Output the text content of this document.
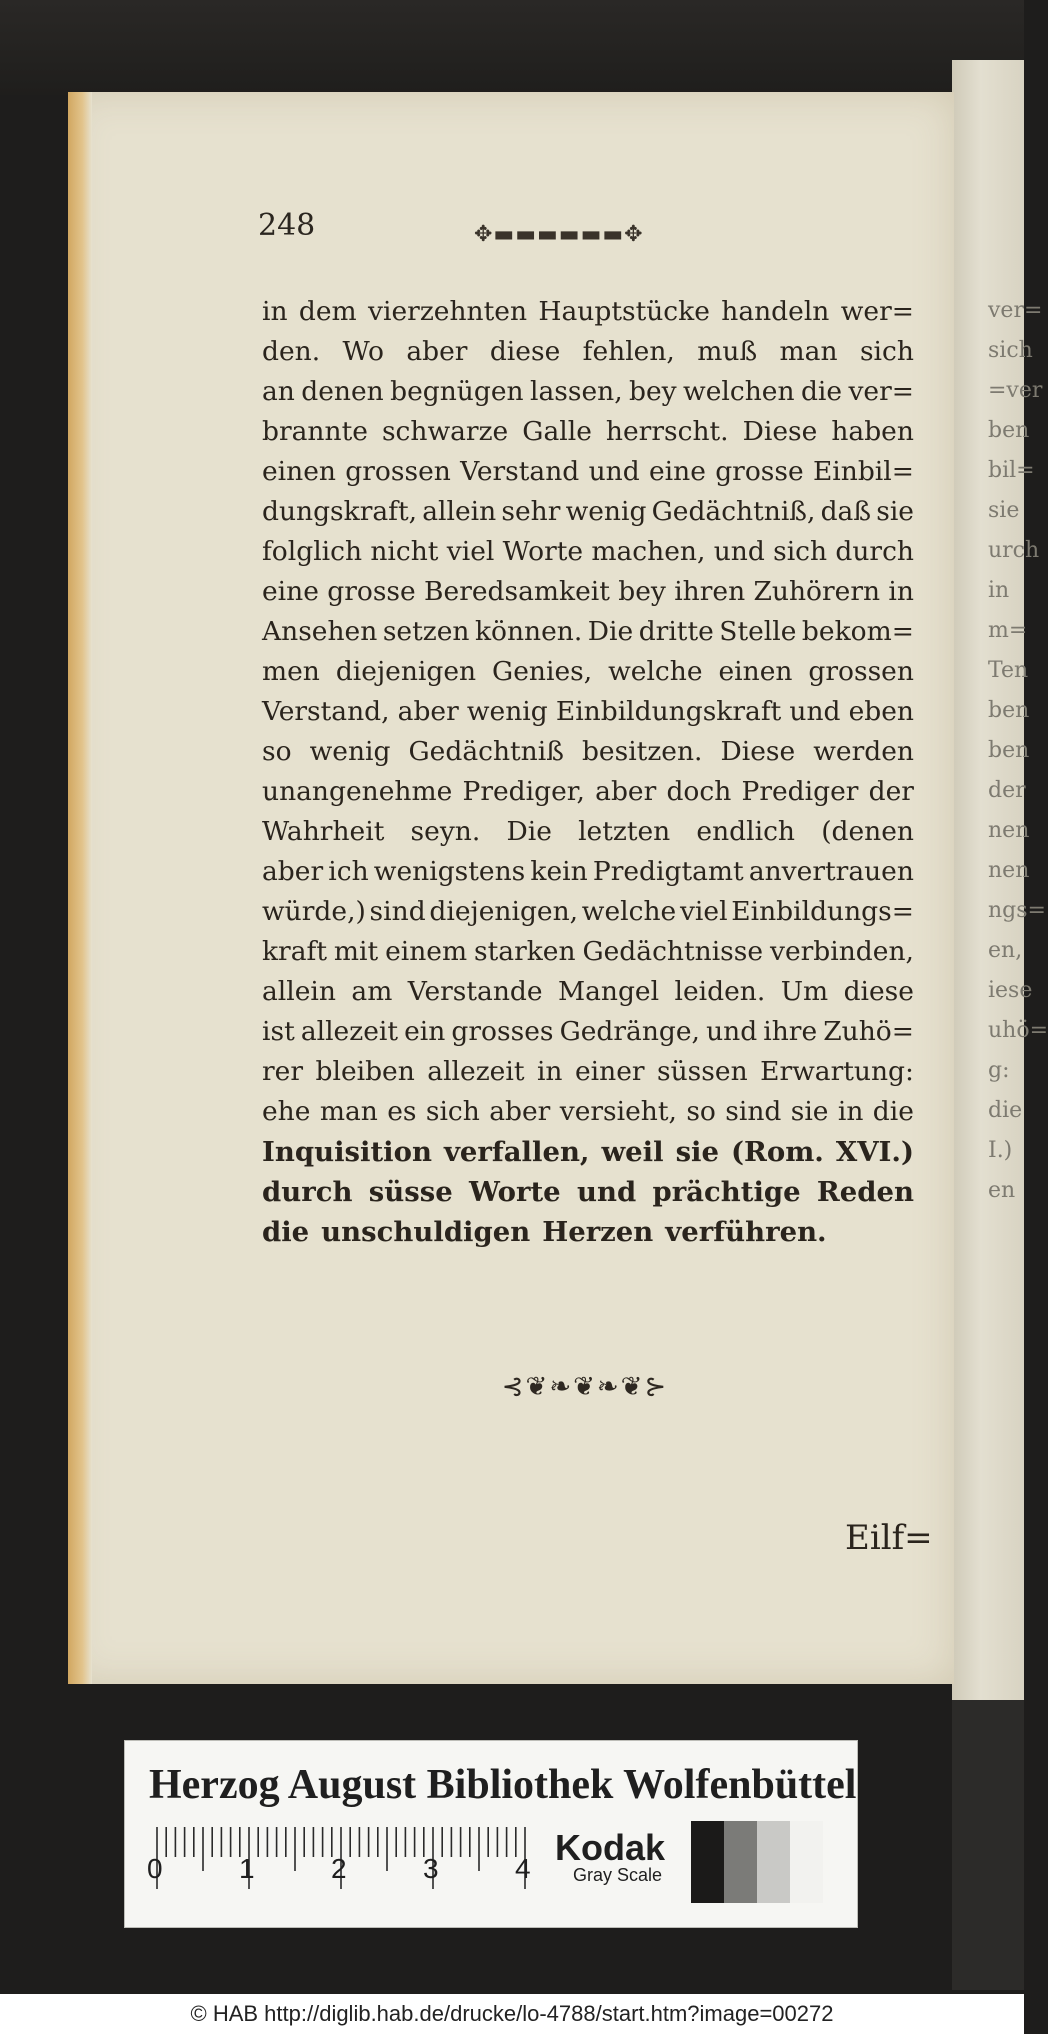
ver=
sich
=ver
ben
bil=
sie
urch
in
m=
Ten
ben
ben
der
nen
nen
ngs=
en,
iese
uhö=
g:
die
I.)
en
248	✥▬▬▬▬▬▬✥
in dem vierzehnten Hauptstücke handeln wer=
den. Wo aber diese fehlen, muß man sich
an denen begnügen lassen, bey welchen die ver=
brannte schwarze Galle herrscht. Diese haben
einen grossen Verstand und eine grosse Einbil=
dungskraft, allein sehr wenig Gedächtniß, daß sie
folglich nicht viel Worte machen, und sich durch
eine grosse Beredsamkeit bey ihren Zuhörern in
Ansehen setzen können. Die dritte Stelle bekom=
men diejenigen Genies, welche einen grossen
Verstand, aber wenig Einbildungskraft und eben
so wenig Gedächtniß besitzen. Diese werden
unangenehme Prediger, aber doch Prediger der
Wahrheit seyn. Die letzten endlich (denen
aber ich wenigstens kein Predigtamt anvertrauen
würde,) sind diejenigen, welche viel Einbildungs=
kraft mit einem starken Gedächtnisse verbinden,
allein am Verstande Mangel leiden. Um diese
ist allezeit ein grosses Gedränge, und ihre Zuhö=
rer bleiben allezeit in einer süssen Erwartung:
ehe man es sich aber versieht, so sind sie in die
Inquisition verfallen, weil sie (Rom. XVI.)
durch süsse Worte und prächtige Reden
die unschuldigen Herzen verführen.
⊰❦❧❦❧❦⊱
Eilf=
Herzog August Bibliothek Wolfenbüttel
0	1	2	3	4
Kodak
Gray Scale
© HAB http://diglib.hab.de/drucke/lo-4788/start.htm?image=00272
